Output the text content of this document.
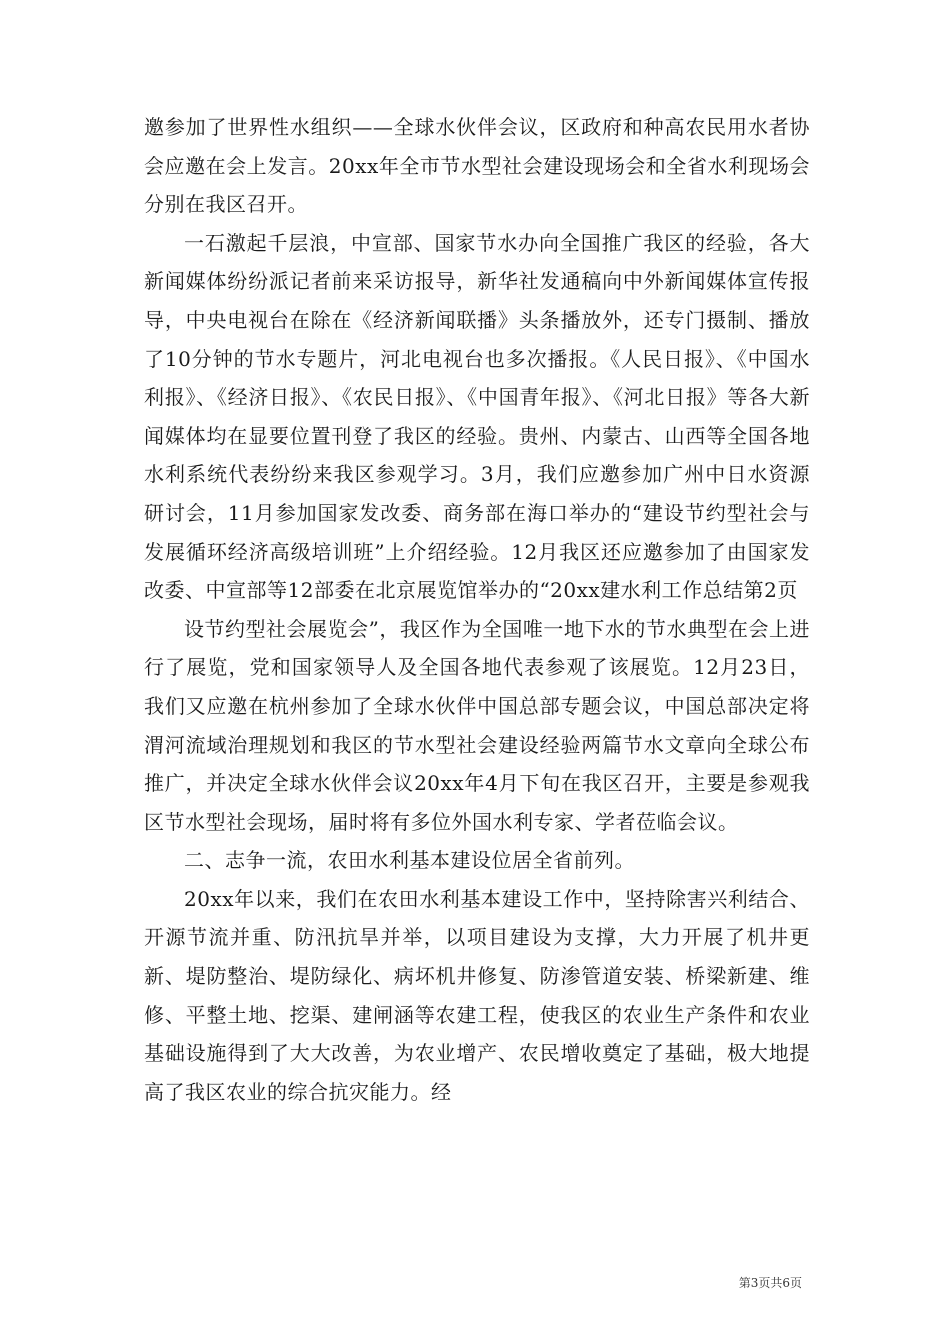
邀参加了世界性水组织——全球水伙伴会议，区政府和种高农民用水者协会应邀在会上发言。20xx年全市节水型社会建设现场会和全省水利现场会分别在我区召开。

一石激起千层浪，中宣部、国家节水办向全国推广我区的经验，各大新闻媒体纷纷派记者前来采访报导，新华社发通稿向中外新闻媒体宣传报导，中央电视台在除在《经济新闻联播》头条播放外，还专门摄制、播放了10分钟的节水专题片，河北电视台也多次播报。《人民日报》、《中国水利报》、《经济日报》、《农民日报》、《中国青年报》、《河北日报》等各大新闻媒体均在显要位置刊登了我区的经验。贵州、内蒙古、山西等全国各地水利系统代表纷纷来我区参观学习。3月，我们应邀参加广州中日水资源研讨会，11月参加国家发改委、商务部在海口举办的“建设节约型社会与发展循环经济高级培训班”上介绍经验。12月我区还应邀参加了由国家发改委、中宣部等12部委在北京展览馆举办的“20xx建水利工作总结第2页

设节约型社会展览会”，我区作为全国唯一地下水的节水典型在会上进行了展览，党和国家领导人及全国各地代表参观了该展览。12月23日，我们又应邀在杭州参加了全球水伙伴中国总部专题会议，中国总部决定将渭河流域治理规划和我区的节水型社会建设经验两篇节水文章向全球公布推广，并决定全球水伙伴会议20xx年4月下旬在我区召开，主要是参观我区节水型社会现场，届时将有多位外国水利专家、学者莅临会议。

二、志争一流，农田水利基本建设位居全省前列。

20xx年以来，我们在农田水利基本建设工作中，坚持除害兴利结合、开源节流并重、防汛抗旱并举，以项目建设为支撑，大力开展了机井更新、堤防整治、堤防绿化、病坏机井修复、防渗管道安装、桥梁新建、维修、平整土地、挖渠、建闸涵等农建工程，使我区的农业生产条件和农业基础设施得到了大大改善，为农业增产、农民增收奠定了基础，极大地提高了我区农业的综合抗灾能力。经

第3页共6页
